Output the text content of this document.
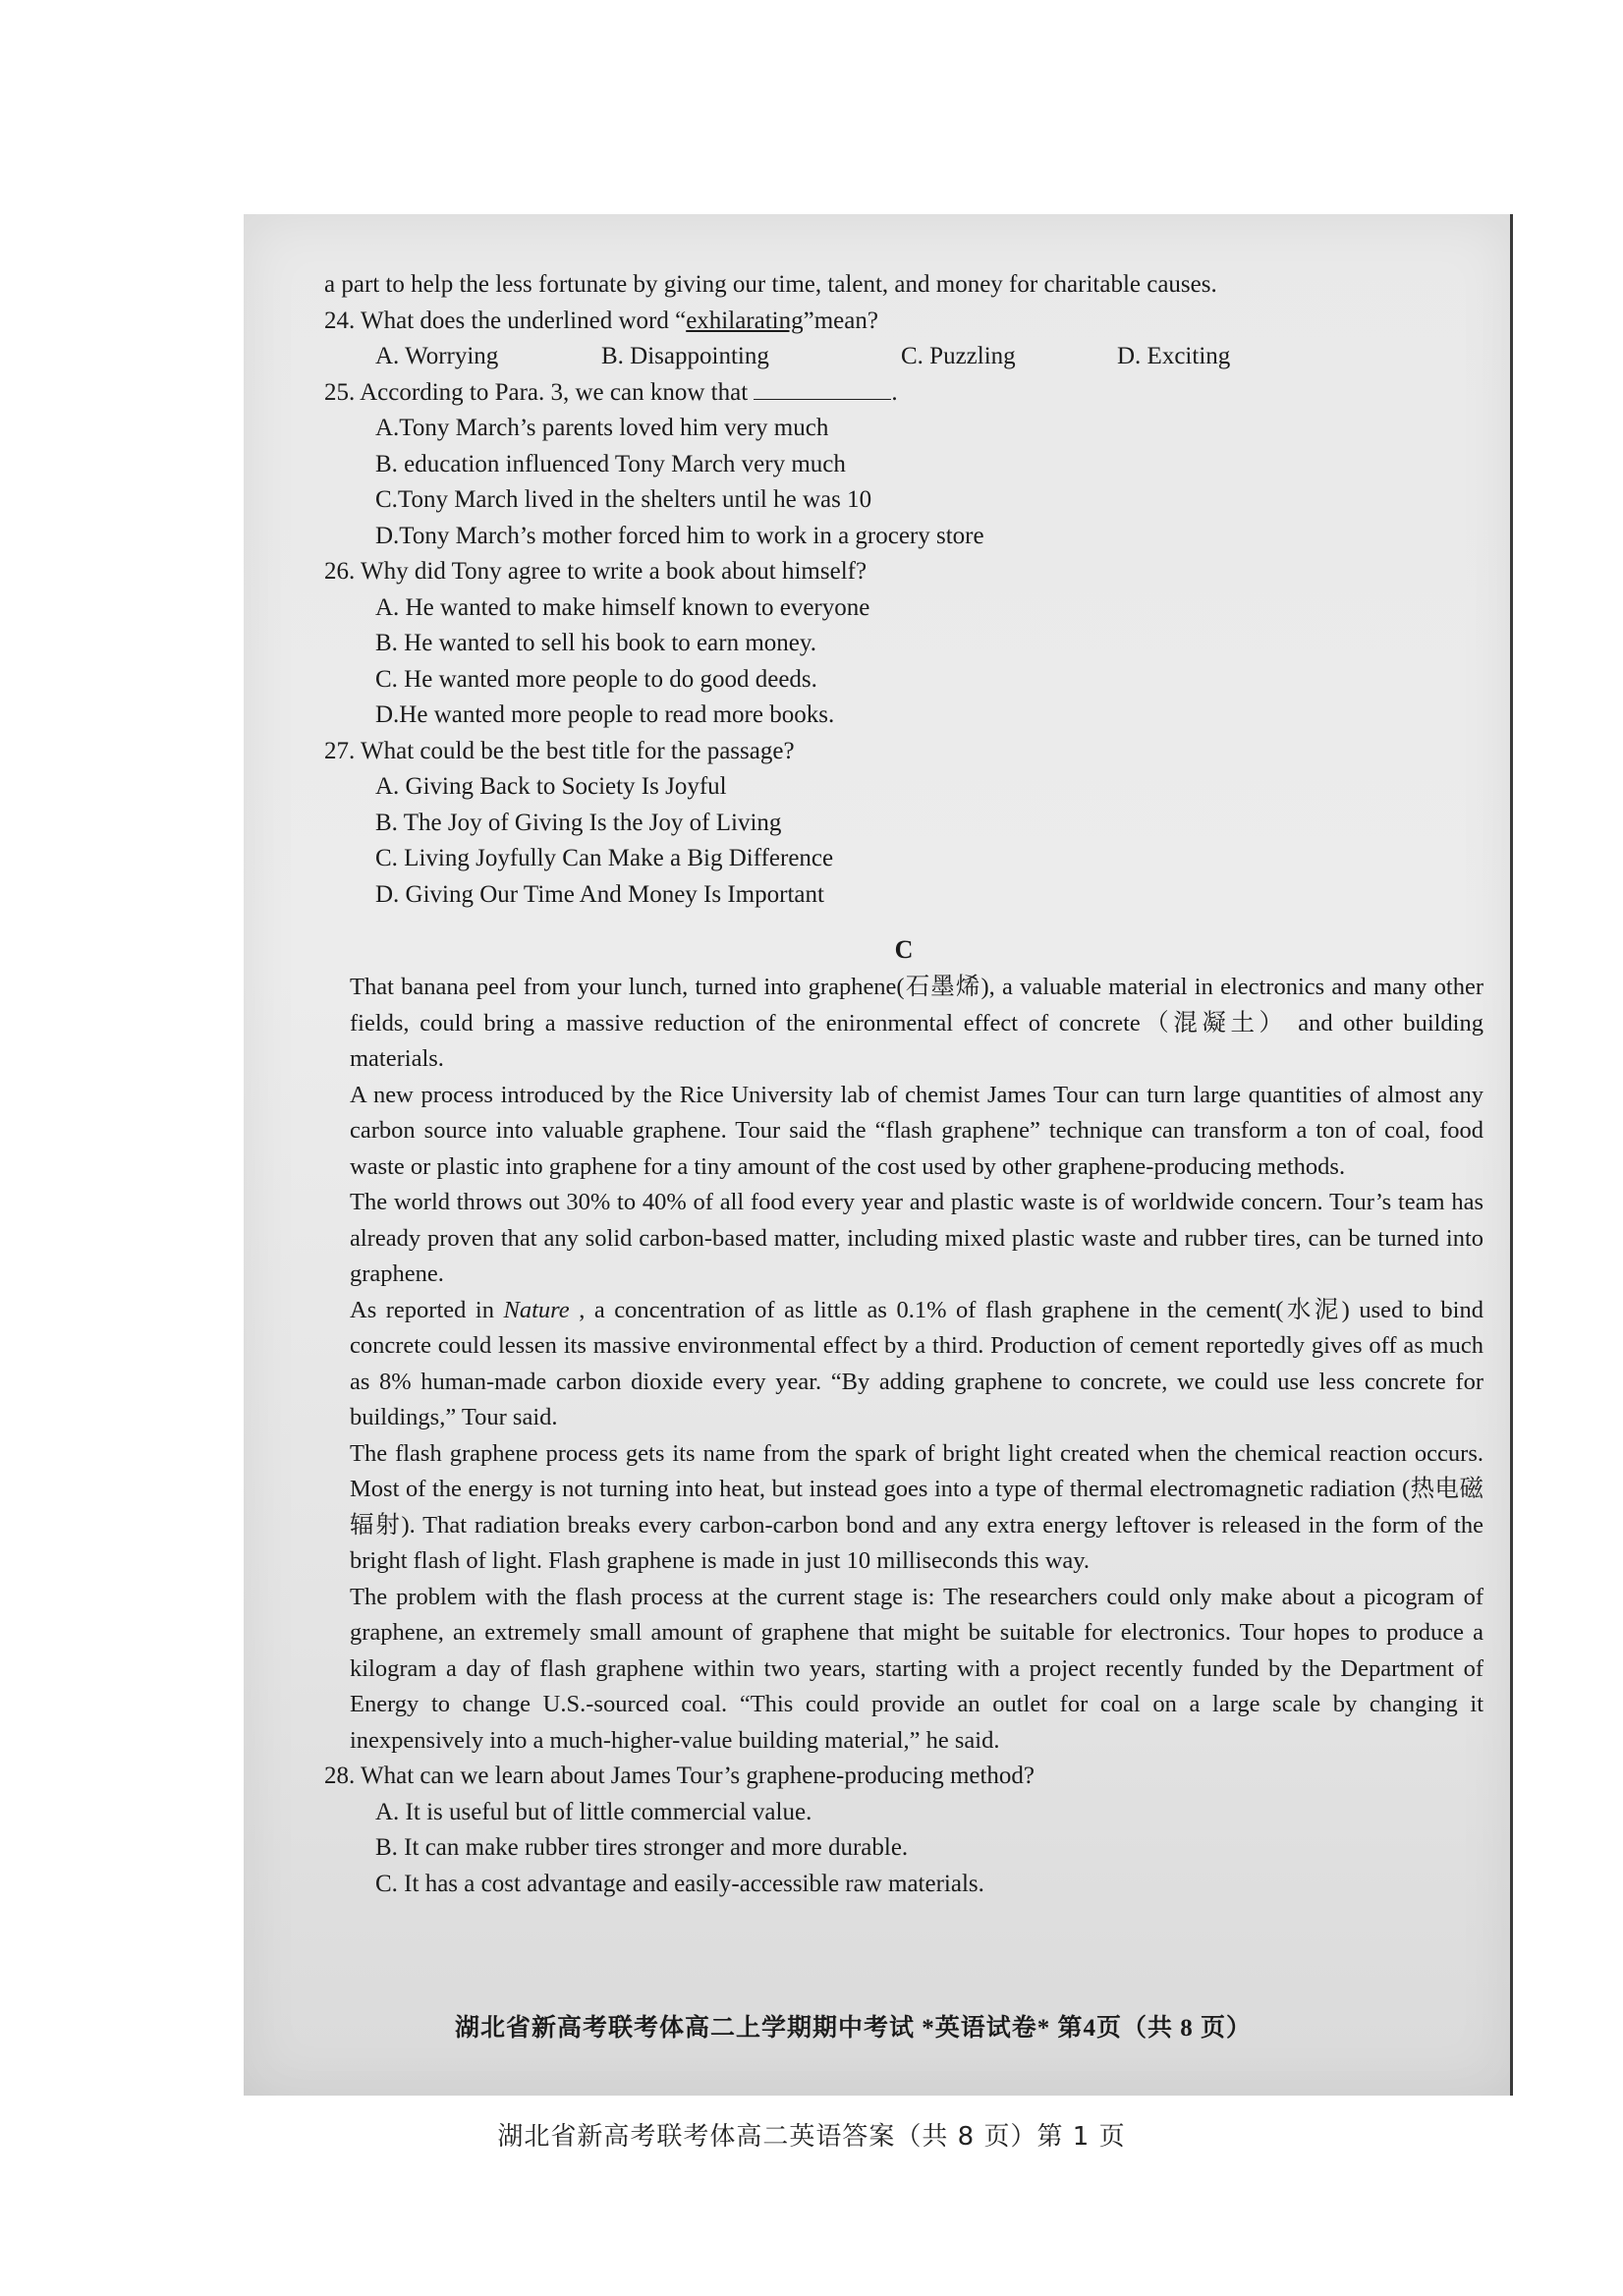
a part to help the less fortunate by giving our time, talent, and money for charitable causes.
24. What does the underlined word “exhilarating”mean?
A. Worrying	B. Disappointing	C. Puzzling	D. Exciting
25. According to Para. 3, we can know that	.
A.Tony March’s parents loved him very much
B. education influenced Tony March very much
C.Tony March lived in the shelters until he was 10
D.Tony March’s mother forced him to work in a grocery store
26. Why did Tony agree to write a book about himself?
A. He wanted to make himself known to everyone
B. He wanted to sell his book to earn money.
C. He wanted more people to do good deeds.
D.He wanted more people to read more books.
27. What could be the best title for the passage?
A. Giving Back to Society Is Joyful
B. The Joy of Giving Is the Joy of Living
C. Living Joyfully Can Make a Big Difference
D. Giving Our Time And Money Is Important
C
That banana peel from your lunch, turned into graphene(石墨烯), a valuable material in electronics and many other fields, could bring a massive reduction of the enironmental effect of concrete（混凝土） and other building materials.
A new process introduced by the Rice University lab of chemist James Tour can turn large quantities of almost any carbon source into valuable graphene. Tour said the “flash graphene” technique can transform a ton of coal, food waste or plastic into graphene for a tiny amount of the cost used by other graphene-producing methods.
The world throws out 30% to 40% of all food every year and plastic waste is of worldwide concern. Tour’s team has already proven that any solid carbon-based matter, including mixed plastic waste and rubber tires, can be turned into graphene.
As reported in Nature , a concentration of as little as 0.1% of flash graphene in the cement(水泥) used to bind concrete could lessen its massive environmental effect by a third. Production of cement reportedly gives off as much as 8% human-made carbon dioxide every year. “By adding graphene to concrete, we could use less concrete for buildings,” Tour said.
The flash graphene process gets its name from the spark of bright light created when the chemical reaction occurs. Most of the energy is not turning into heat, but instead goes into a type of thermal electromagnetic radiation (热电磁辐射). That radiation breaks every carbon-carbon bond and any extra energy leftover is released in the form of the bright flash of light. Flash graphene is made in just 10 milliseconds this way.
The problem with the flash process at the current stage is: The researchers could only make about a picogram of graphene, an extremely small amount of graphene that might be suitable for electronics. Tour hopes to produce a kilogram a day of flash graphene within two years, starting with a project recently funded by the Department of Energy to change U.S.-sourced coal. “This could provide an outlet for coal on a large scale by changing it inexpensively into a much-higher-value building material,” he said.
28. What can we learn about James Tour’s graphene-producing method?
A. It is useful but of little commercial value.
B. It can make rubber tires stronger and more durable.
C. It has a cost advantage and easily-accessible raw materials.
湖北省新高考联考体高二上学期期中考试 *英语试卷* 第4页（共 8 页）
湖北省新高考联考体高二英语答案（共 8 页）第 1 页
